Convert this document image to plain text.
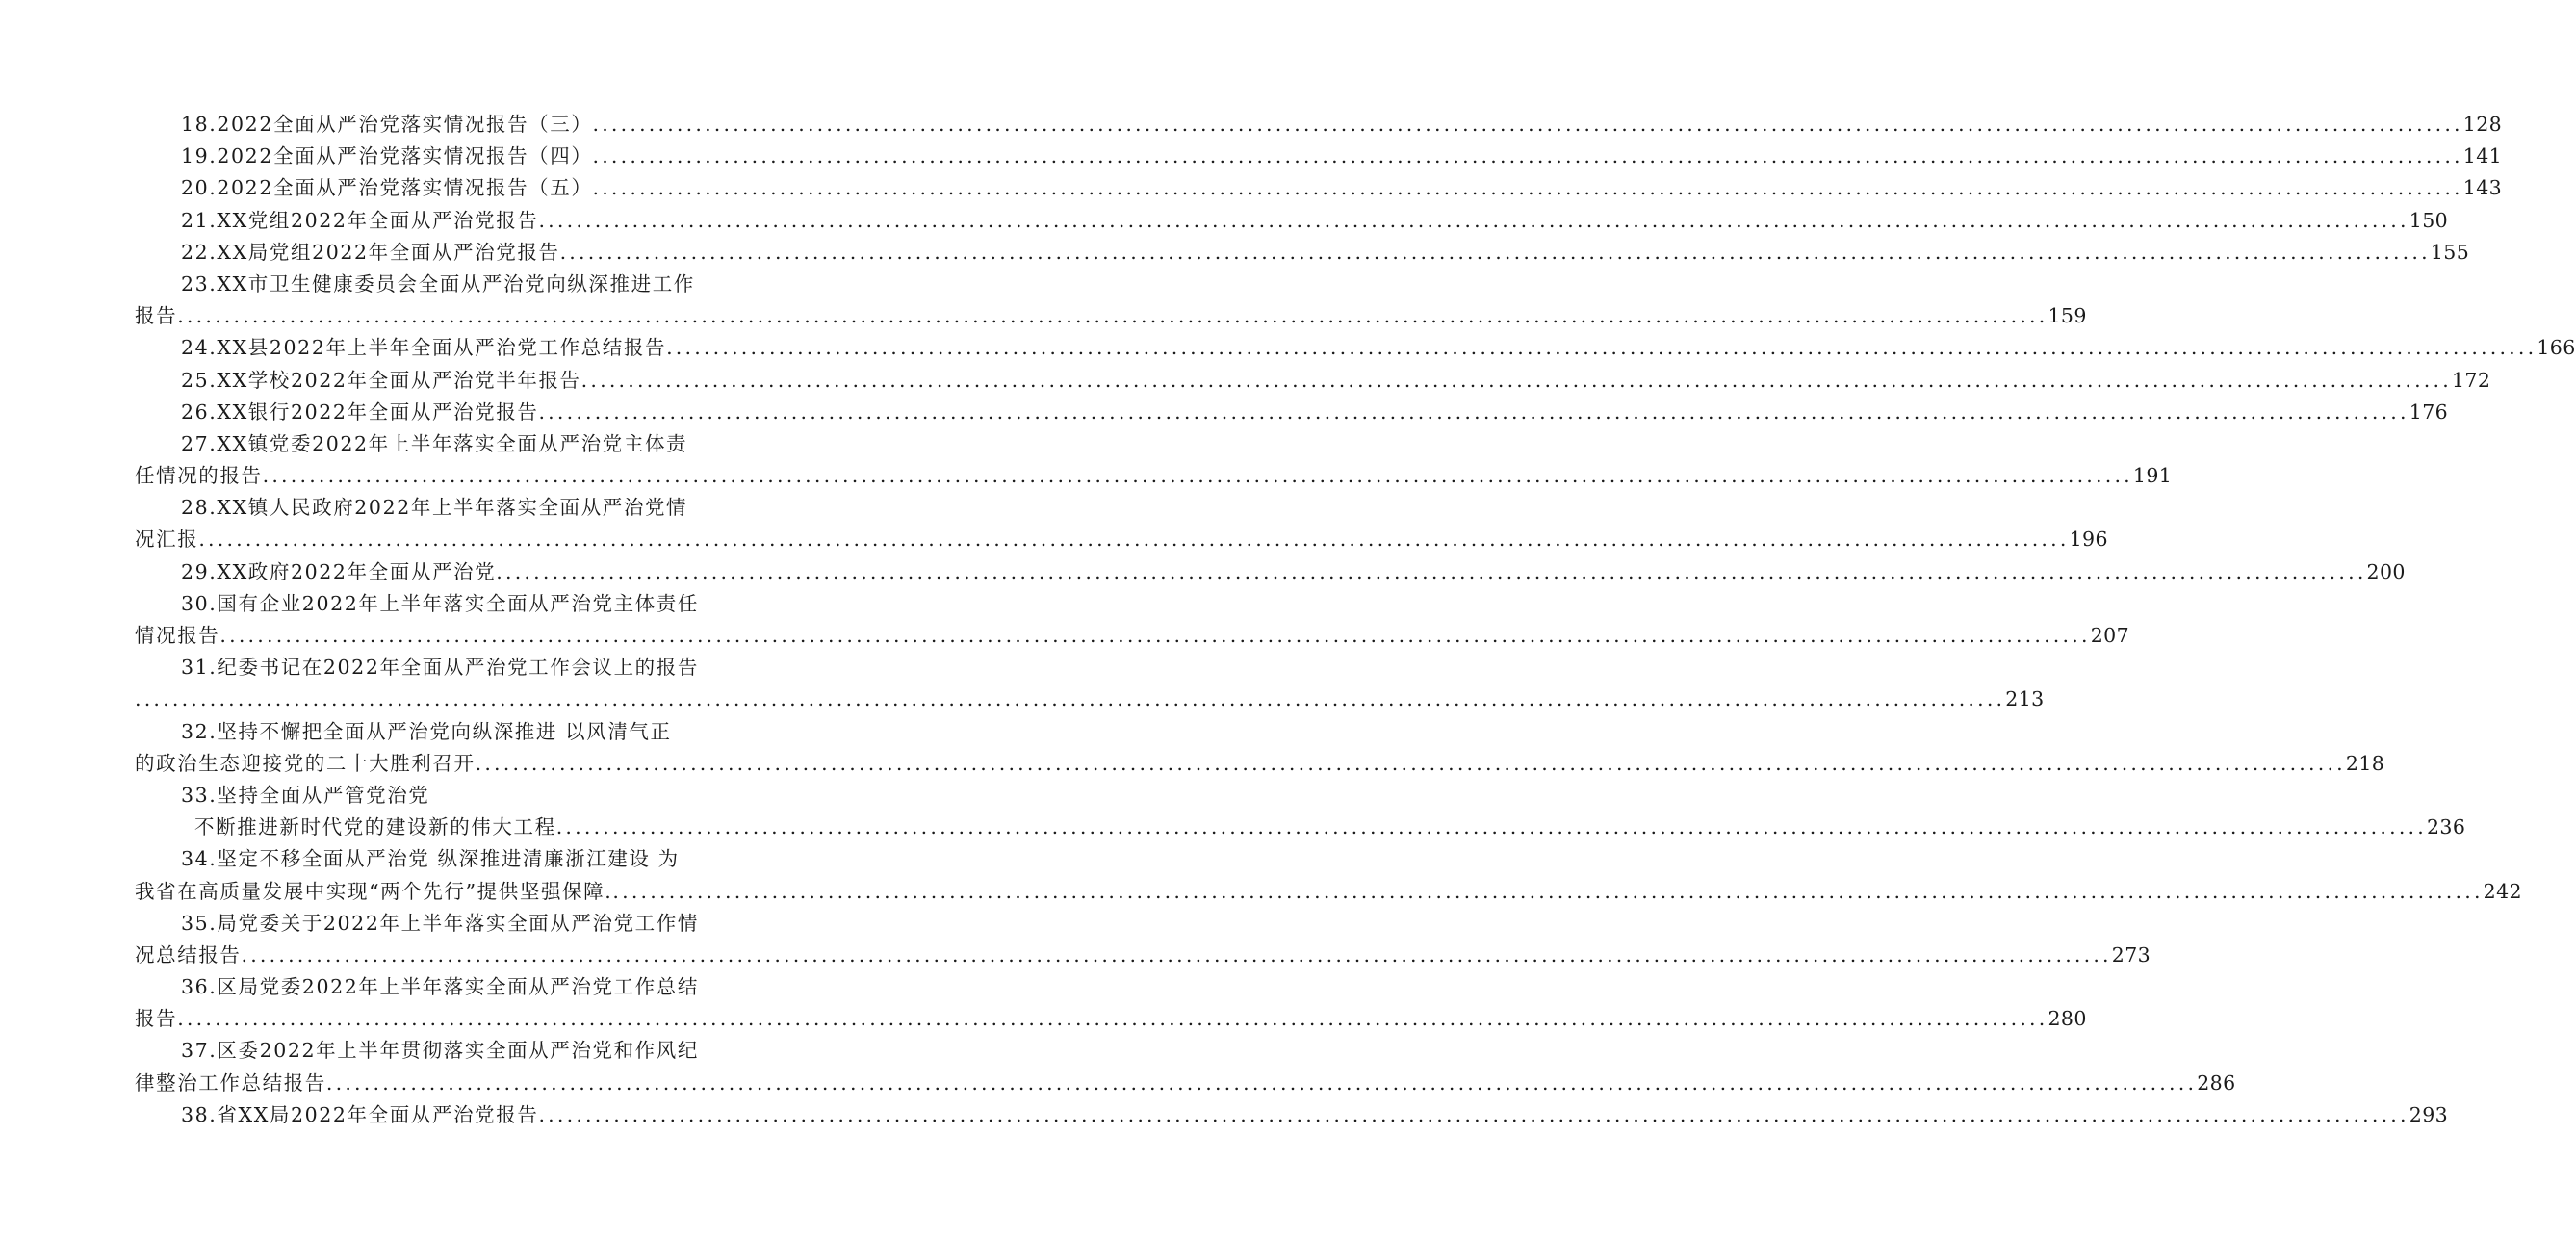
18.2022全面从严治党落实情况报告（三） ........................................................................................................................................................................................................ 128
19.2022全面从严治党落实情况报告（四） ........................................................................................................................................................................................................ 141
20.2022全面从严治党落实情况报告（五） ........................................................................................................................................................................................................ 143
21.XX党组2022年全面从严治党报告 ........................................................................................................................................................................................................ 150
22.XX局党组2022年全面从严治党报告 ........................................................................................................................................................................................................ 155
23.XX市卫生健康委员会全面从严治党向纵深推进工作
报告 ........................................................................................................................................................................................................ 159
24.XX县2022年上半年全面从严治党工作总结报告 ........................................................................................................................................................................................................ 166
25.XX学校2022年全面从严治党半年报告 ........................................................................................................................................................................................................ 172
26.XX银行2022年全面从严治党报告 ........................................................................................................................................................................................................ 176
27.XX镇党委2022年上半年落实全面从严治党主体责
任情况的报告 ........................................................................................................................................................................................................ 191
28.XX镇人民政府2022年上半年落实全面从严治党情
况汇报 ........................................................................................................................................................................................................ 196
29.XX政府2022年全面从严治党 ........................................................................................................................................................................................................ 200
30.国有企业2022年上半年落实全面从严治党主体责任
情况报告 ........................................................................................................................................................................................................ 207
31.纪委书记在2022年全面从严治党工作会议上的报告
........................................................................................................................................................................................................ 213
32.坚持不懈把全面从严治党向纵深推进 以风清气正
的政治生态迎接党的二十大胜利召开 ........................................................................................................................................................................................................ 218
33.坚持全面从严管党治党
不断推进新时代党的建设新的伟大工程 ........................................................................................................................................................................................................ 236
34.坚定不移全面从严治党 纵深推进清廉浙江建设 为
我省在高质量发展中实现“两个先行”提供坚强保障. ........................................................................................................................................................................................................ 242
35.局党委关于2022年上半年落实全面从严治党工作情
况总结报告 ........................................................................................................................................................................................................ 273
36.区局党委2022年上半年落实全面从严治党工作总结
报告 ........................................................................................................................................................................................................ 280
37.区委2022年上半年贯彻落实全面从严治党和作风纪
律整治工作总结报告 ........................................................................................................................................................................................................ 286
38.省XX局2022年全面从严治党报告 ........................................................................................................................................................................................................ 293
